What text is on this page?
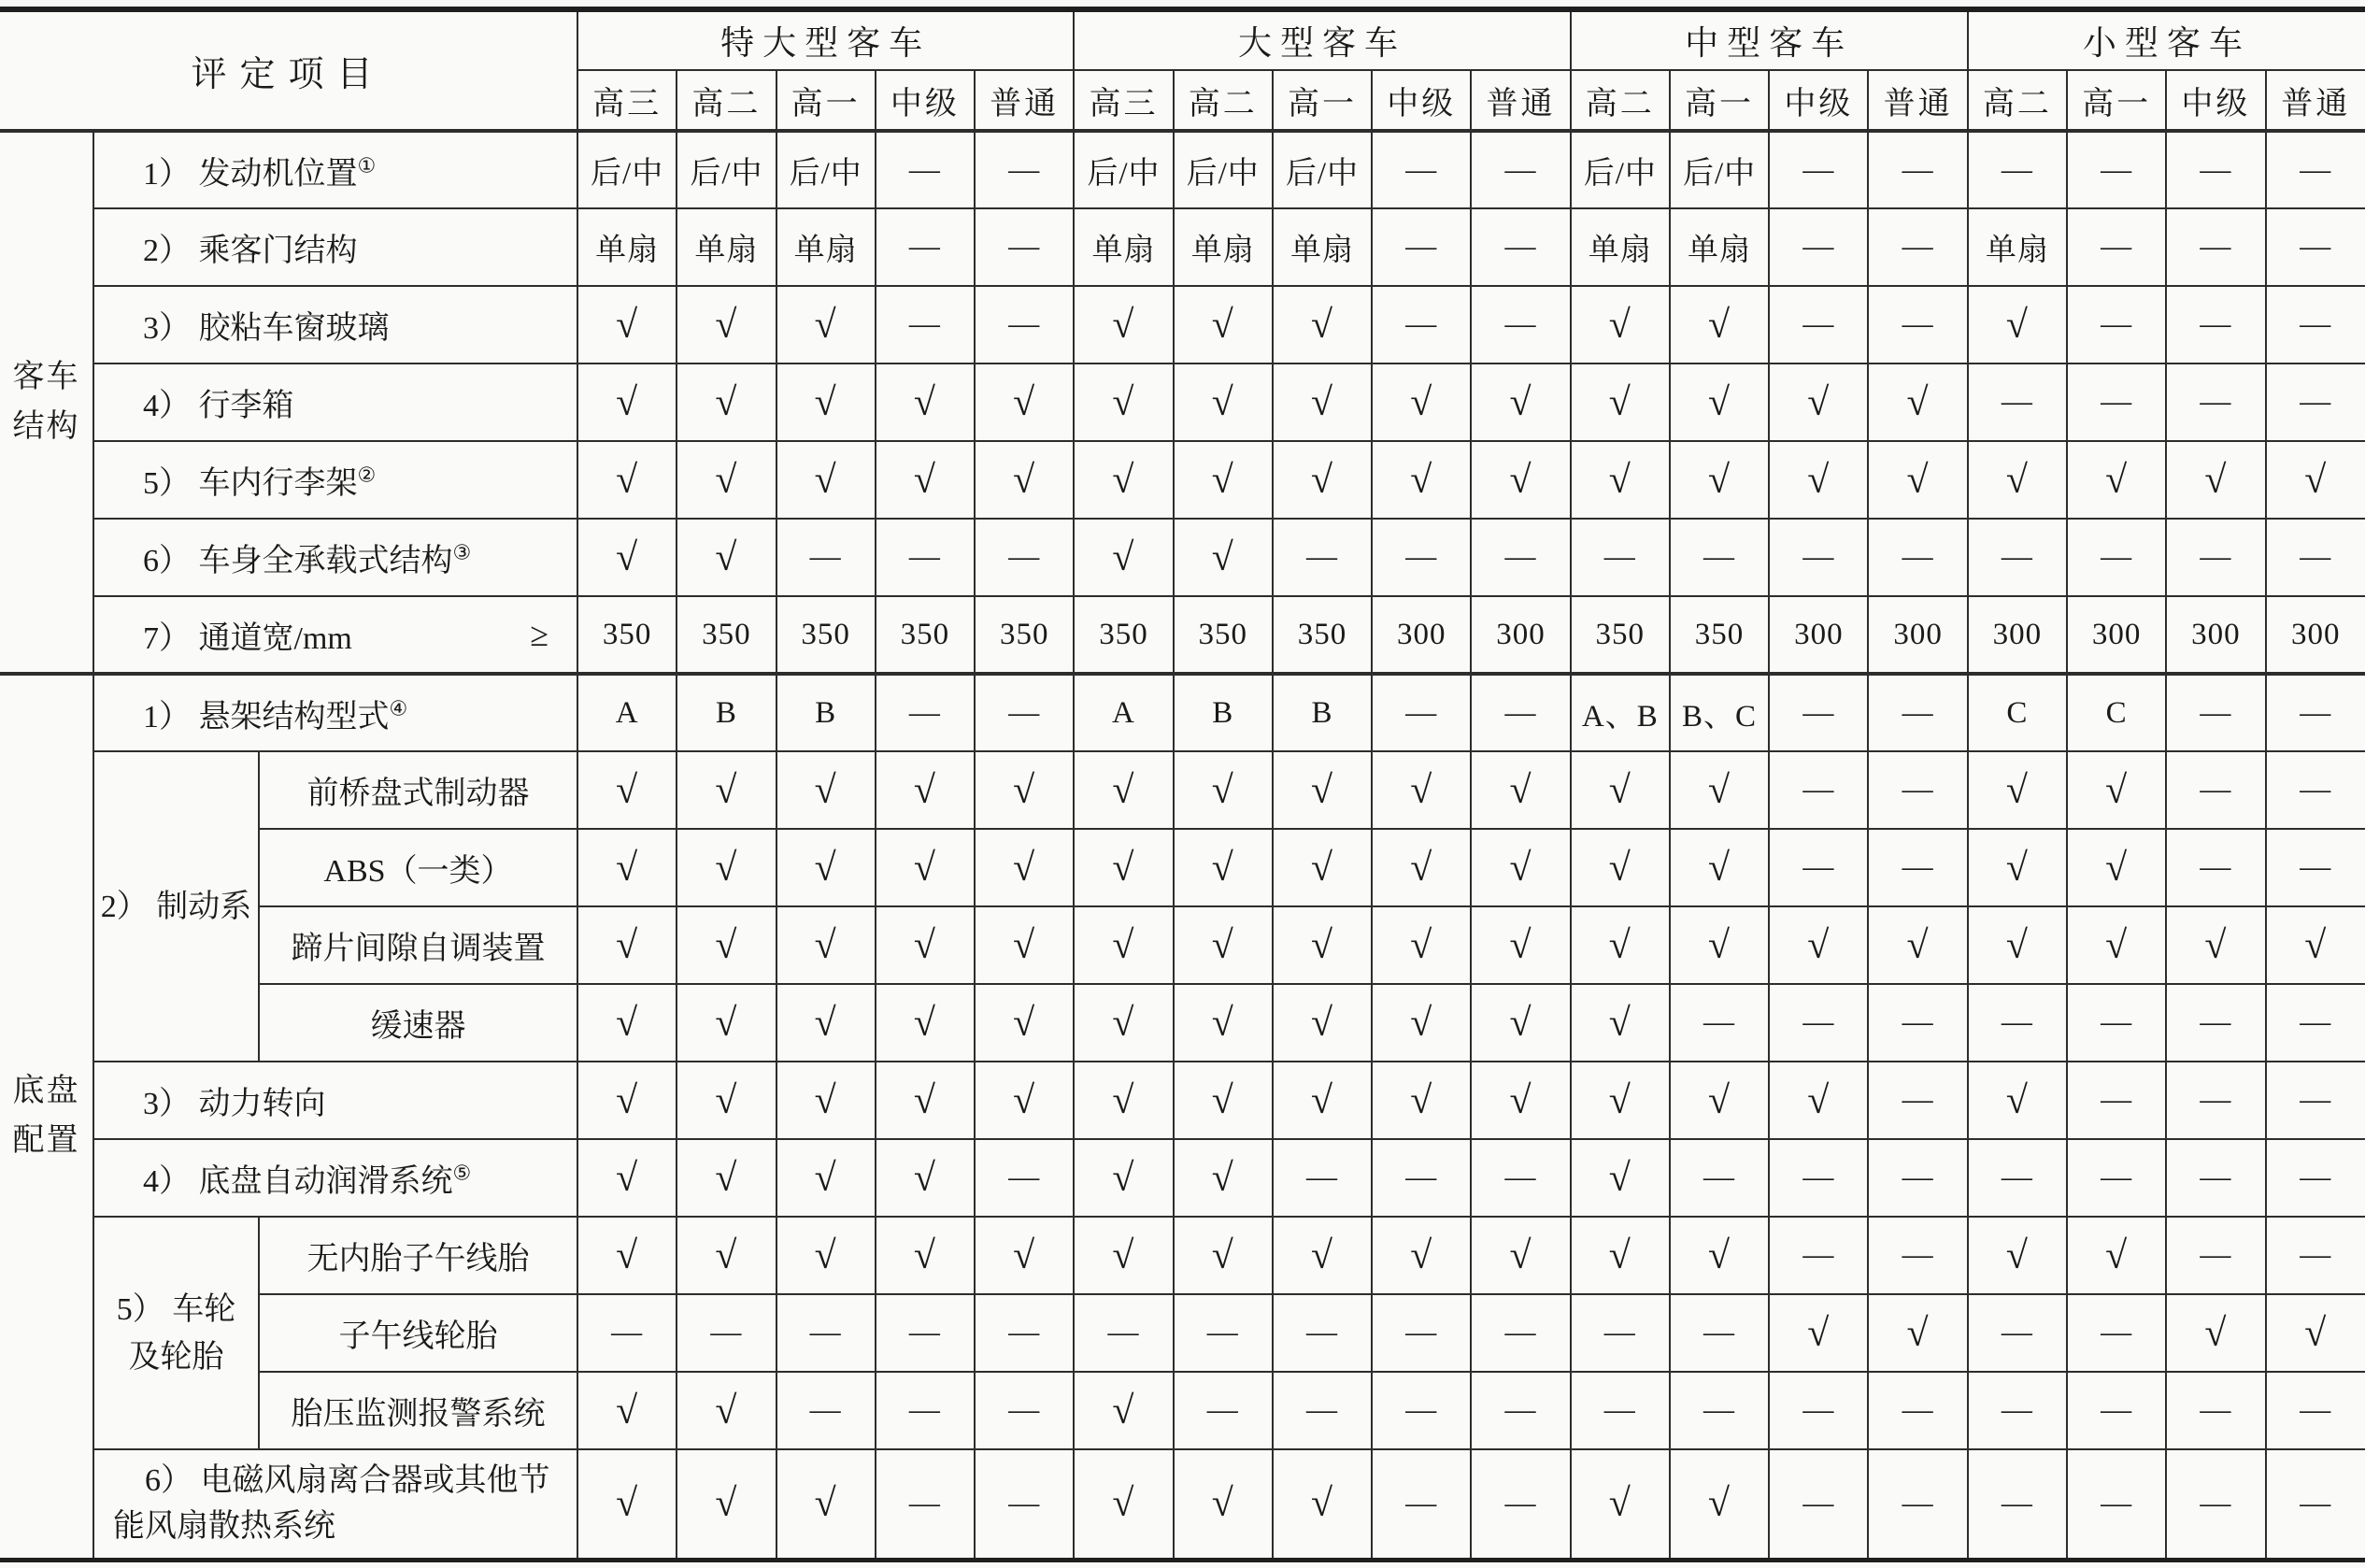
评定项目			特大型客车					大型客车					中型客车				小型客车			
			高三	高二	高一	中级	普通	高三	高二	高一	中级	普通	高二	高一	中级	普通	高二	高一	中级	普通

客车
结构	1） 发动机位置①		后/中	后/中	后/中	—	—	后/中	后/中	后/中	—	—	后/中	后/中	—	—	—	—	—	—

	2） 乘客门结构		单扇	单扇	单扇	—	—	单扇	单扇	单扇	—	—	单扇	单扇	—	—	单扇	—	—	—

	3） 胶粘车窗玻璃		√	√	√	—	—	√	√	√	—	—	√	√	—	—	√	—	—	—

	4） 行李箱		√	√	√	√	√	√	√	√	√	√	√	√	√	√	—	—	—	—

	5） 车内行李架②		√	√	√	√	√	√	√	√	√	√	√	√	√	√	√	√	√	√

	6） 车身全承载式结构③		√	√	—	—	—	√	√	—	—	—	—	—	—	—	—	—	—	—

	7） 通道宽/mm ≥		350	350	350	350	350	350	350	350	300	300	350	350	300	300	300	300	300	300

底盘
配置	1） 悬架结构型式④		A	B	B	—	—	A	B	B	—	—	A、B	B、C	—	—	C	C	—	—

	2） 制动系	前桥盘式制动器	√	√	√	√	√	√	√	√	√	√	√	√	—	—	√	√	—	—
		ABS（一类）	√	√	√	√	√	√	√	√	√	√	√	√	—	—	√	√	—	—
		蹄片间隙自调装置	√	√	√	√	√	√	√	√	√	√	√	√	√	√	√	√	√	√
		缓速器	√	√	√	√	√	√	√	√	√	√	√	—	—	—	—	—	—	—

	3） 动力转向		√	√	√	√	√	√	√	√	√	√	√	√	√	—	√	—	—	—

	4） 底盘自动润滑系统⑤		√	√	√	√	—	√	√	—	—	—	√	—	—	—	—	—	—	—

	5） 车轮
及轮胎	无内胎子午线胎	√	√	√	√	√	√	√	√	√	√	√	√	—	—	√	√	—	—
		子午线轮胎	—	—	—	—	—	—	—	—	—	—	—	—	√	√	—	—	√	√
		胎压监测报警系统	√	√	—	—	—	√	—	—	—	—	—	—	—	—	—	—	—	—

	6） 电磁风扇离合器或其他节能风扇散热系统		√	√	√	—	—	√	√	√	—	—	√	√	—	—	—	—	—	—
